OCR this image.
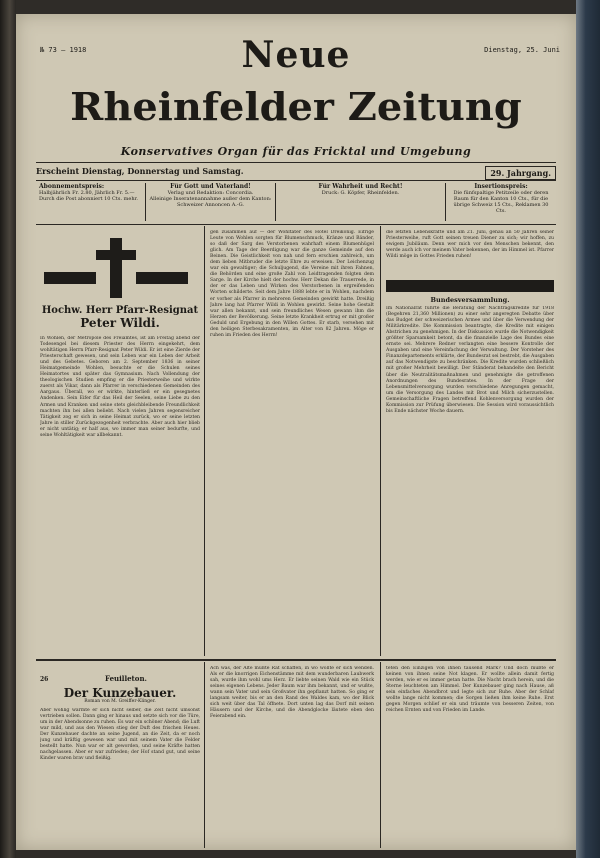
№ 73 — 1918	Dienstag, 25. Juni
Neue
Rheinfelder Zeitung
Konservatives Organ für das Fricktal und Umgebung
Erscheint Dienstag, Donnerstag und Samstag.	29. Jahrgang.
Abonnementspreis:
Halbjährlich Fr. 2.80, Jährlich Fr. 5.— Durch die Post abonniert 10 Cts. mehr.
Für Gott und Vaterland!
Verlag und Redaktion: Concordia.
Alleinige Inseratenannahme außer dem Kanton: Schweizer Annoncen A.-G.
Für Wahrheit und Recht!
Druck: G. Köpfer, Rheinfelden.
Insertionspreis:
Die fünfspaltige Petitzeile oder deren Raum für den Kanton 10 Cts., für die übrige Schweiz 15 Cts., Reklamen 30 Cts.
Hochw. Herr Pfarr-Resignat
Peter Wildi.
In Wohlen, der Metropole des Freiamtes, ist am Freitag abend der Todesengel bei diesem Priester des Herrn eingekehrt, dem wohltätigen Herrn Pfarr-Resignat Peter Wildi. Er ist eine Zierde der Priesterschaft gewesen, und sein Leben war ein Leben der Arbeit und des Gebetes. Geboren am 2. September 1836 in seiner Heimatgemeinde Wohlen, besuchte er die Schulen seines Heimatortes und später das Gymnasium. Nach Vollendung der theologischen Studien empfing er die Priesterweihe und wirkte zuerst als Vikar, dann als Pfarrer in verschiedenen Gemeinden des Aargaus. Überall, wo er wirkte, hinterließ er ein gesegnetes Andenken. Sein Eifer für das Heil der Seelen, seine Liebe zu den Armen und Kranken und seine stets gleichbleibende Freundlichkeit machten ihn bei allen beliebt. Nach vielen Jahren segensreicher Tätigkeit zog er sich in seine Heimat zurück, wo er seine letzten Jahre in stiller Zurückgezogenheit verbrachte. Aber auch hier blieb er nicht untätig; er half aus, wo immer man seiner bedurfte, und seine Wohltätigkeit war allbekannt.
gen zusammen auf — der Wohltäter des Hotel Dreikönig. Eifrige Leute von Wohlen sorgten für Blumenschmuck, Kränze und Bänder, so daß der Sarg des Verstorbenen wahrhaft einem Blumenhügel glich. Am Tage der Beerdigung war die ganze Gemeinde auf den Beinen. Die Geistlichkeit von nah und fern erschien zahlreich, um dem lieben Mitbruder die letzte Ehre zu erweisen. Der Leichenzug war ein gewaltiger; die Schuljugend, die Vereine mit ihren Fahnen, die Behörden und eine große Zahl von Leidtragenden folgten dem Sarge. In der Kirche hielt der hochw. Herr Dekan die Trauerrede, in der er das Leben und Wirken des Verstorbenen in ergreifenden Worten schilderte. Seit dem Jahre 1888 lebte er in Wohlen, nachdem er vorher als Pfarrer in mehreren Gemeinden gewirkt hatte. Dreißig Jahre lang hat Pfarrer Wildi in Wohlen gewirkt. Seine hohe Gestalt war allen bekannt, und sein freundliches Wesen gewann ihm die Herzen der Bevölkerung. Seine letzte Krankheit ertrug er mit großer Geduld und Ergebung in den Willen Gottes. Er starb, versehen mit den heiligen Sterbesakramenten, im Alter von 82 Jahren. Möge er ruhen im Frieden des Herrn!
die letzten Lebenskräfte und am 21. Juni, genau an 50 Jahren seiner Priesterweihe, ruft Gott seinen treuen Diener zu sich; wir hoffen, zu ewigem Jubiläum. Denn wer mich vor den Menschen bekennt, den werde auch ich vor meinem Vater bekennen, der im Himmel ist. Pfarrer Wildi möge in Gottes Frieden ruhen!
Bundesversammlung.
Im Nationalrat führte die Beratung der Nachtragskredite für 1918 (Begehren 21,360 Millionen) zu einer sehr angeregten Debatte über das Budget der schweizerischen Armee und über die Verwendung der Militärkredite. Die Kommission beantragte, die Kredite mit einigen Abstrichen zu genehmigen. In der Diskussion wurde die Notwendigkeit größter Sparsamkeit betont, da die finanzielle Lage des Bundes eine ernste sei. Mehrere Redner verlangten eine bessere Kontrolle der Ausgaben und eine Vereinfachung der Verwaltung. Der Vorsteher des Finanzdepartements erklärte, der Bundesrat sei bestrebt, die Ausgaben auf das Notwendigste zu beschränken. Die Kredite wurden schließlich mit großer Mehrheit bewilligt. Der Ständerat behandelte den Bericht über die Neutralitätsmaßnahmen und genehmigte die getroffenen Anordnungen des Bundesrates. In der Frage der Lebensmittelversorgung wurden verschiedene Anregungen gemacht, um die Versorgung des Landes mit Brot und Milch sicherzustellen. Gemeinschaftliche Fragen betreffend Kohlenversorgung wurden der Kommission zur Prüfung überwiesen. Die Session wird voraussichtlich bis Ende nächster Woche dauern.
26	Feuilleton.
Der Kunzebauer.
Roman von M. Greiffer-Klinger.
Aber wohlig wärmte er sich nicht selber, die Zeit nicht umsonst vertrieben sollen. Dann ging er hinaus und setzte sich vor die Türe, um in der Abendsonne zu ruhen. Es war ein schöner Abend; die Luft war mild, und aus den Wiesen stieg der Duft des frischen Heues. Der Kunzebauer dachte an seine Jugend, an die Zeit, da er noch jung und kräftig gewesen war und mit seinem Vater die Felder bestellt hatte. Nun war er alt geworden, und seine Kräfte hatten nachgelassen. Aber er war zufrieden; der Hof stand gut, und seine Kinder waren brav und fleißig.
Ach was, der Alte müßte Rat schaffen, in wo wollte er sich wenden. Als er die knorrigen Eichenstämme mit dem wunderbaren Laubwerk sah, wurde ihm wohl ums Herz. Er liebte seinen Wald wie ein Stück seines eigenen Lebens. Jeder Baum war ihm bekannt, und er wußte, wann sein Vater und sein Großvater ihn gepflanzt hatten. So ging er langsam weiter, bis er an den Rand des Waldes kam, wo der Blick sich weit über das Tal öffnete. Dort unten lag das Dorf mit seinen Häusern und der Kirche, und die Abendglocke läutete eben den Feierabend ein.
teten den Einzigen von ihnen tausend Mark? Und doch mußte er keinen von ihnen seine Not klagen. Er wollte allein damit fertig werden, wie er es immer getan hatte. Die Nacht brach herein, und die Sterne leuchteten am Himmel. Der Kunzebauer ging nach Hause, aß sein einfaches Abendbrot und legte sich zur Ruhe. Aber der Schlaf wollte lange nicht kommen; die Sorgen ließen ihm keine Ruhe. Erst gegen Morgen schlief er ein und träumte von besseren Zeiten, von reichen Ernten und von Frieden im Lande.
